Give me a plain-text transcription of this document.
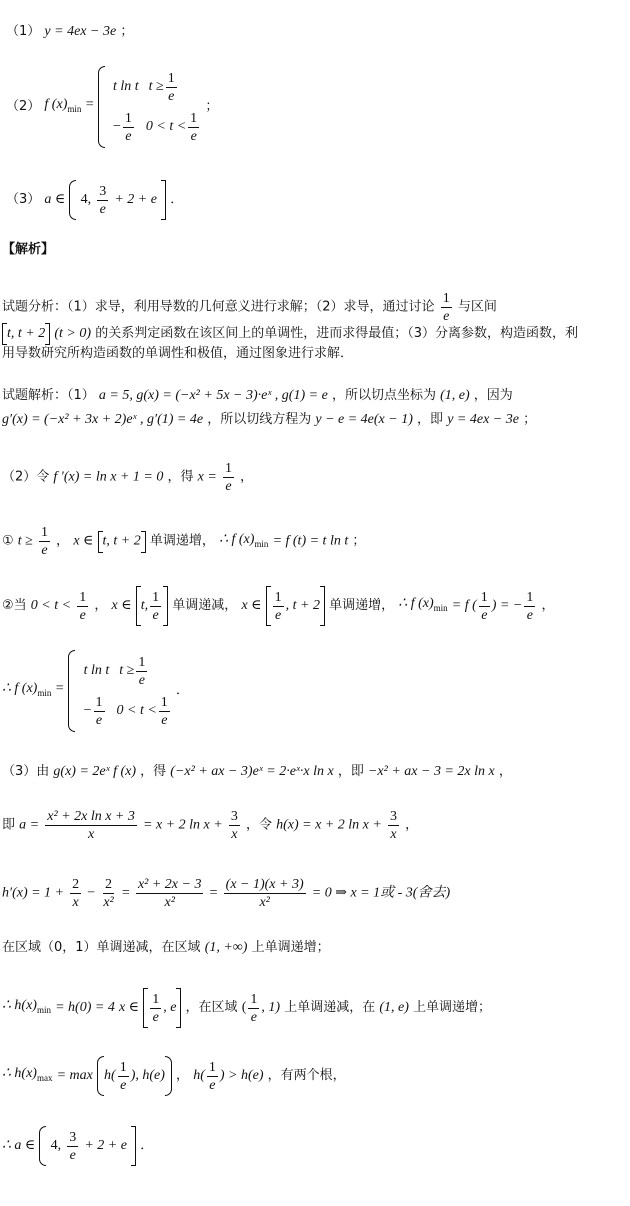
（1） y = 4ex − 3e ；
（2） f $(x)_{min}$ =
t ln t $t \ge \frac{1}{e}$
− $\frac{1}{e} 0 < t < \frac{1}{e}$
；
（3） a ∈ 4, $\frac{3}{e} + 2 + e$ ．
【解析】
试题分析：（1）求导，利用导数的几何意义进行求解；（2）求导，通过讨论 $\frac{1}{e}$ 与区间
t, t + 2 (t > 0) 的关系判定函数在该区间上的单调性，进而求得最值；（3）分离参数，构造函数，利
用导数研究所构造函数的单调性和极值，通过图象进行求解．
试题解析：（1） a = 5, g(x) = (−x² + 5x − 3)·eˣ , g(1) = e ，所以切点坐标为 (1, e) ，因为
g′(x) = (−x² + 3x + 2)eˣ , g′(1) = 4e ，所以切线方程为 y − e = 4e(x − 1) ，即 y = 4ex − 3e ；
（2）令 f ′(x) = ln x + 1 = 0 ，得 $x = \frac{1}{e}$ ，
① $t \ge \frac{1}{e}$ ， x ∈ t, t + 2 单调递增， ∴ f $(x)_{min} = f$ (t) = t ln t ；
②当 $0 < t < \frac{1}{e}$ ， x ∈ t, $\frac{1}{e}$ 单调递减， x ∈ $\frac{1}{e}$ , t + 2 单调递增， ∴ f $(x)_{min} = f$ ( $\frac{1}{e}$ ) = − $\frac{1}{e}$ ，
∴ f $(x)_{min}$ =
t ln t $t \ge \frac{1}{e}$
− $\frac{1}{e} 0 < t < \frac{1}{e}$
．
（3）由 g(x) = 2eˣ f (x) ，得 (−x² + ax − 3)eˣ = 2·eˣ·x ln x ，即 −x² + ax − 3 = 2x ln x ，
即 $a = \frac{\text{x² + 2x ln x + 3}}{x} = x + 2$ $\ln x + \frac{3}{x}$ ，令 h(x) = x + 2 $\ln x + \frac{3}{x}$ ，
$h'(x) = 1 + \frac{2}{x} - \frac{2}{\text{x²}} = \frac{\text{x² + 2x − 3}}{\text{x²}} = \frac{(x - 1)(x + 3)}{\text{x²}} = 0$ ⇒ x = 1或 - 3(舍去)
在区域（0，1）单调递减，在区域 (1, +∞) 上单调递增；
∴ $h(x)_{min} = h(0) = 4$ x ∈ $\frac{1}{e}$ , e ，在区域 ( $\frac{1}{e}$ , 1) 上单调递减，在 (1, e) 上单调递增；
∴ $h(x)_{max} = \max h( \frac{1}{e}$ ), h(e) ， $h( \frac{1}{e}$ ) > h(e) ，有两个根，
∴ a ∈ 4, $\frac{3}{e} + 2 + e$ ．
